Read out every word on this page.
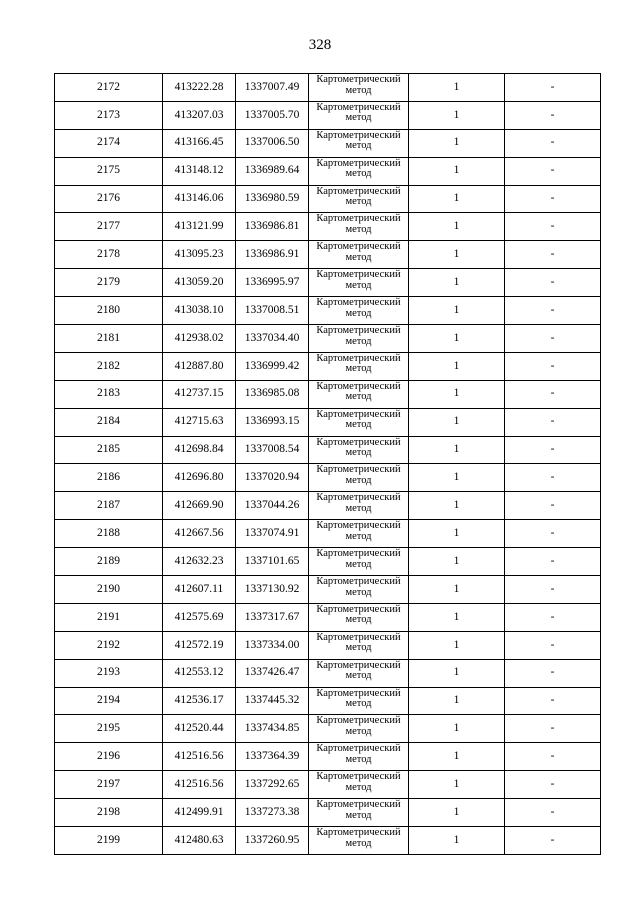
328
2172	413222.28	1337007.49	Картометрический метод	1	-
2173	413207.03	1337005.70	Картометрический метод	1	-
2174	413166.45	1337006.50	Картометрический метод	1	-
2175	413148.12	1336989.64	Картометрический метод	1	-
2176	413146.06	1336980.59	Картометрический метод	1	-
2177	413121.99	1336986.81	Картометрический метод	1	-
2178	413095.23	1336986.91	Картометрический метод	1	-
2179	413059.20	1336995.97	Картометрический метод	1	-
2180	413038.10	1337008.51	Картометрический метод	1	-
2181	412938.02	1337034.40	Картометрический метод	1	-
2182	412887.80	1336999.42	Картометрический метод	1	-
2183	412737.15	1336985.08	Картометрический метод	1	-
2184	412715.63	1336993.15	Картометрический метод	1	-
2185	412698.84	1337008.54	Картометрический метод	1	-
2186	412696.80	1337020.94	Картометрический метод	1	-
2187	412669.90	1337044.26	Картометрический метод	1	-
2188	412667.56	1337074.91	Картометрический метод	1	-
2189	412632.23	1337101.65	Картометрический метод	1	-
2190	412607.11	1337130.92	Картометрический метод	1	-
2191	412575.69	1337317.67	Картометрический метод	1	-
2192	412572.19	1337334.00	Картометрический метод	1	-
2193	412553.12	1337426.47	Картометрический метод	1	-
2194	412536.17	1337445.32	Картометрический метод	1	-
2195	412520.44	1337434.85	Картометрический метод	1	-
2196	412516.56	1337364.39	Картометрический метод	1	-
2197	412516.56	1337292.65	Картометрический метод	1	-
2198	412499.91	1337273.38	Картометрический метод	1	-
2199	412480.63	1337260.95	Картометрический метод	1	-
